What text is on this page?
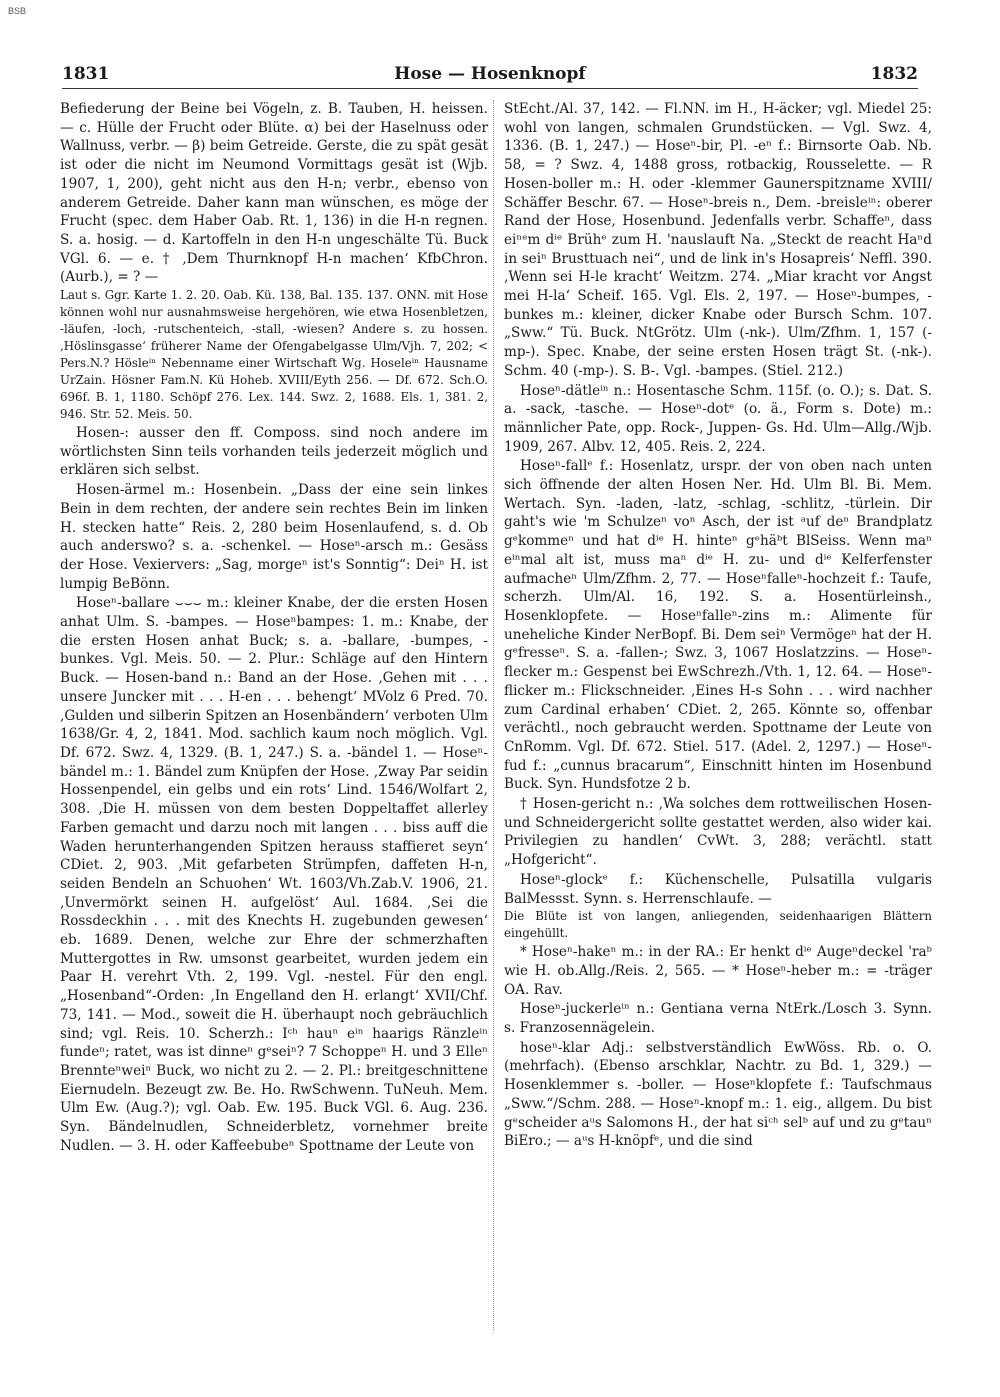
BSB
1831	Hose — Hosenknopf	1832

Befiederung der Beine bei Vögeln, z. B. Tauben, H. heissen. — c. Hülle der Frucht oder Blüte. α) bei der Haselnuss oder Wallnuss, verbr. — β) beim Getreide. Gerste, die zu spät gesät ist oder die nicht im Neumond Vormittags gesät ist (Wjb. 1907, 1, 200), geht nicht aus den H-n; verbr., ebenso von anderem Getreide. Daher kann man wünschen, es möge der Frucht (spec. dem Haber Oab. Rt. 1, 136) in die H-n regnen. S. a. hosig. — d. Kartoffeln in den H-n ungeschälte Tü. Buck VGl. 6. — e. † ‚Dem Thurnknopf H-n machen‘ KfbChron. (Aurb.), = ? —

Laut s. Ggr. Karte 1. 2. 20. Oab. Kü. 138, Bal. 135. 137. ONN. mit Hose können wohl nur ausnahmsweise hergehören, wie etwa Hosenbletzen, -läufen, -loch, -rutschenteich, -stall, -wiesen? Andere s. zu hossen. ‚Höslinsgasse‘ früherer Name der Ofengabelgasse Ulm/Vjh. 7, 202; < Pers.N.? Hösleⁱⁿ Nebenname einer Wirtschaft Wg. Hoseleⁱⁿ Hausname UrZain. Hösner Fam.N. Kü Hoheb. XVIII/Eyth 256. — Df. 672. Sch.O. 696f. B. 1, 1180. Schöpf 276. Lex. 144. Swz. 2, 1688. Els. 1, 381. 2, 946. Str. 52. Meis. 50.

Hosen-: ausser den ff. Composs. sind noch andere im wörtlichsten Sinn teils vorhanden teils jederzeit möglich und erklären sich selbst.

Hosen-ärmel m.: Hosenbein. „Dass der eine sein linkes Bein in dem rechten, der andere sein rechtes Bein im linken H. stecken hatte“ Reis. 2, 280 beim Hosenlaufend, s. d. Ob auch anderswo? s. a. -schenkel. — Hoseⁿ-arsch m.: Gesäss der Hose. Vexiervers: „Sag, morgeⁿ ist's Sonntig“: Deiⁿ H. ist lumpig BeBönn.

Hoseⁿ-ballare ⌣⌣⌣ m.: kleiner Knabe, der die ersten Hosen anhat Ulm. S. -bampes. — Hoseⁿbampes: 1. m.: Knabe, der die ersten Hosen anhat Buck; s. a. -ballare, -bumpes, -bunkes. Vgl. Meis. 50. — 2. Plur.: Schläge auf den Hintern Buck. — Hosen-band n.: Band an der Hose. ‚Gehen mit . . . unsere Juncker mit . . . H-en . . . behengt‘ MVolz 6 Pred. 70. ‚Gulden und silberin Spitzen an Hosenbändern‘ verboten Ulm 1638/Gr. 4, 2, 1841. Mod. sachlich kaum noch möglich. Vgl. Df. 672. Swz. 4, 1329. (B. 1, 247.) S. a. -bändel 1. — Hoseⁿ-bändel m.: 1. Bändel zum Knüpfen der Hose. ‚Zway Par seidin Hossenpendel, ein gelbs und ein rots‘ Lind. 1546/Wolfart 2, 308. ‚Die H. müssen von dem besten Doppeltaffet allerley Farben gemacht und darzu noch mit langen . . . biss auff die Waden herunterhangenden Spitzen herauss staffieret seyn‘ CDiet. 2, 903. ‚Mit gefarbeten Strümpfen, daffeten H-n, seiden Bendeln an Schuohen‘ Wt. 1603/Vh.Zab.V. 1906, 21. ‚Unvermörkt seinen H. aufgelöst‘ Aul. 1684. ‚Sei die Rossdeckhin . . . mit des Knechts H. zugebunden gewesen‘ eb. 1689. Denen, welche zur Ehre der schmerzhaften Muttergottes in Rw. umsonst gearbeitet, wurden jedem ein Paar H. verehrt Vth. 2, 199. Vgl. -nestel. Für den engl. „Hosenband“-Orden: ‚In Engelland den H. erlangt‘ XVII/Chf. 73, 141. — Mod., soweit die H. überhaupt noch gebräuchlich sind; vgl. Reis. 10. Scherzh.: Iᶜʰ hauⁿ eⁱⁿ haarigs Ränzleⁱⁿ fundeⁿ; ratet, was ist dinneⁿ gᵉseiⁿ? 7 Schoppeⁿ H. und 3 Elleⁿ Brennteⁿweiⁿ Buck, wo nicht zu 2. — 2. Pl.: breitgeschnittene Eiernudeln. Bezeugt zw. Be. Ho. RwSchwenn. TuNeuh. Mem. Ulm Ew. (Aug.?); vgl. Oab. Ew. 195. Buck VGl. 6. Aug. 236. Syn. Bändelnudlen, Schneiderbletz, vornehmer breite Nudlen. — 3. H. oder Kaffeebubeⁿ Spottname der Leute von

StEcht./Al. 37, 142. — Fl.NN. im H., H-äcker; vgl. Miedel 25: wohl von langen, schmalen Grundstücken. — Vgl. Swz. 4, 1336. (B. 1, 247.) — Hoseⁿ-bir, Pl. -eⁿ f.: Birnsorte Oab. Nb. 58, = ? Swz. 4, 1488 gross, rotbackig, Rousselette. — R Hosen-boller m.: H. oder -klemmer Gaunerspitzname XVIII/ Schäffer Beschr. 67. — Hoseⁿ-breis n., Dem. -breisleⁱⁿ: oberer Rand der Hose, Hosenbund. Jedenfalls verbr. Schaffeⁿ, dass eiⁿᵉm dⁱᵉ Brühᵉ zum H. 'nauslauft Na. „Steckt de reacht Haⁿd in seiⁿ Brusttuach nei“, und de link in's Hosapreis‘ Neffl. 390. ‚Wenn sei H-le kracht‘ Weitzm. 274. „Miar kracht vor Angst mei H-la‘ Scheif. 165. Vgl. Els. 2, 197. — Hoseⁿ-bumpes, -bunkes m.: kleiner, dicker Knabe oder Bursch Schm. 107. „Sww.“ Tü. Buck. NtGrötz. Ulm (-nk-). Ulm/Zfhm. 1, 157 (-mp-). Spec. Knabe, der seine ersten Hosen trägt St. (-nk-). Schm. 40 (-mp-). S. B-. Vgl. -bampes. (Stiel. 212.)

Hoseⁿ-dätleⁱⁿ n.: Hosentasche Schm. 115f. (o. O.); s. Dat. S. a. -sack, -tasche. — Hoseⁿ-dotᵉ (o. ä., Form s. Dote) m.: männlicher Pate, opp. Rock-, Juppen- Gs. Hd. Ulm—Allg./Wjb. 1909, 267. Albv. 12, 405. Reis. 2, 224.

Hoseⁿ-fallᵉ f.: Hosenlatz, urspr. der von oben nach unten sich öffnende der alten Hosen Ner. Hd. Ulm Bl. Bi. Mem. Wertach. Syn. -laden, -latz, -schlag, -schlitz, -türlein. Dir gaht's wie 'm Schulzeⁿ voⁿ Asch, der ist ᵃuf deⁿ Brandplatz gᵉkommeⁿ und hat dⁱᵉ H. hinteⁿ gᵉhäᵇt BlSeiss. Wenn maⁿ eⁱⁿmal alt ist, muss maⁿ dⁱᵉ H. zu- und dⁱᵉ Kelferfenster aufmacheⁿ Ulm/Zfhm. 2, 77. — Hoseⁿfalleⁿ-hochzeit f.: Taufe, scherzh. Ulm/Al. 16, 192. S. a. Hosentürleinsh., Hosenklopfete. — Hoseⁿfalleⁿ-zins m.: Alimente für uneheliche Kinder NerBopf. Bi. Dem seiⁿ Vermögeⁿ hat der H. gᵉfresseⁿ. S. a. -fallen-; Swz. 3, 1067 Hoslatzzins. — Hoseⁿ-flecker m.: Gespenst bei EwSchrezh./Vth. 1, 12. 64. — Hoseⁿ-flicker m.: Flickschneider. ‚Eines H-s Sohn . . . wird nachher zum Cardinal erhaben‘ CDiet. 2, 265. Könnte so, offenbar verächtl., noch gebraucht werden. Spottname der Leute von CnRomm. Vgl. Df. 672. Stiel. 517. (Adel. 2, 1297.) — Hoseⁿ-fud f.: „cunnus bracarum“, Einschnitt hinten im Hosenbund Buck. Syn. Hundsfotze 2 b.

† Hosen-gericht n.: ‚Wa solches dem rottweilischen Hosen- und Schneidergericht sollte gestattet werden, also wider kai. Privilegien zu handlen‘ CvWt. 3, 288; verächtl. statt „Hofgericht“.

Hoseⁿ-glockᵉ f.: Küchenschelle, Pulsatilla vulgaris BalMessst. Synn. s. Herrenschlaufe. —

Die Blüte ist von langen, anliegenden, seidenhaarigen Blättern eingehüllt.

* Hoseⁿ-hakeⁿ m.: in der RA.: Er henkt dⁱᵉ Augeⁿdeckel 'raᵇ wie H. ob.Allg./Reis. 2, 565. — * Hoseⁿ-heber m.: = -träger OA. Rav.

Hoseⁿ-juckerleⁱⁿ n.: Gentiana verna NtErk./Losch 3. Synn. s. Franzosennägelein.

hoseⁿ-klar Adj.: selbstverständlich EwWöss. Rb. o. O. (mehrfach). (Ebenso arschklar, Nachtr. zu Bd. 1, 329.) — Hosenklemmer s. -boller. — Hoseⁿklopfete f.: Taufschmaus „Sww.“/Schm. 288. — Hoseⁿ-knopf m.: 1. eig., allgem. Du bist gᵉscheider aᵘs Salomons H., der hat siᶜʰ selᵇ auf und zu gᵉtauⁿ BiEro.; — aᵘs H-knöpfᵉ, und die sind
